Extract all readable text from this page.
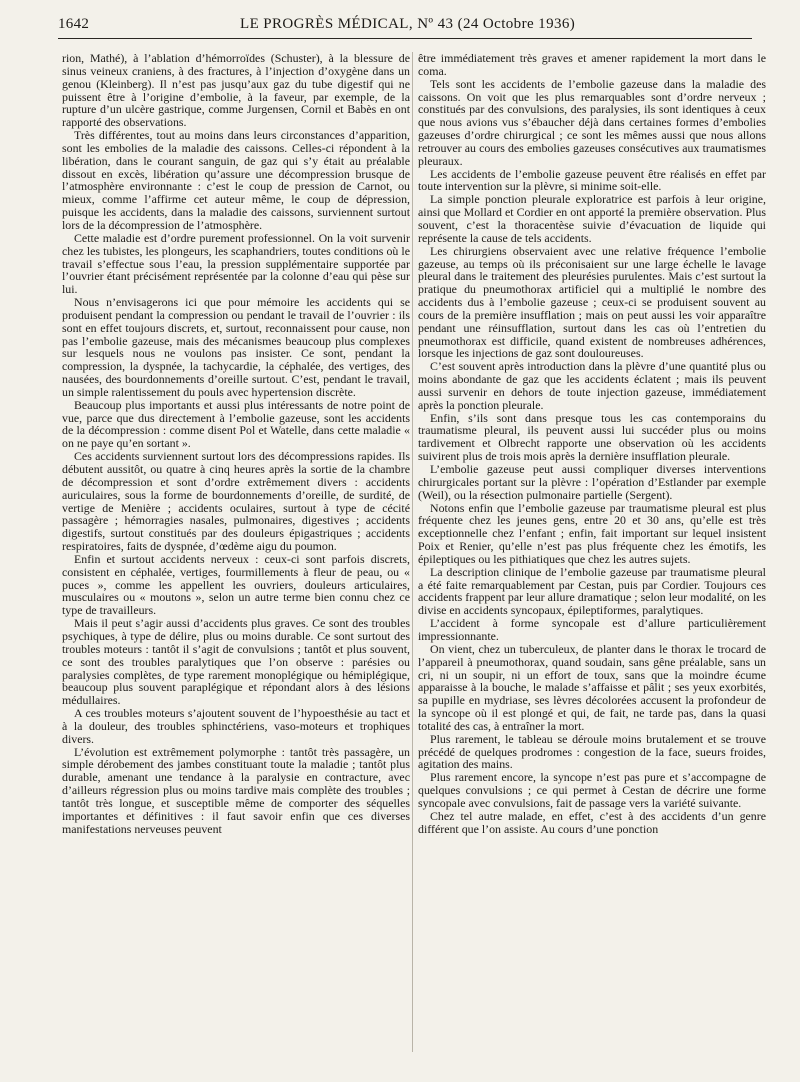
1642	LE PROGRÈS MÉDICAL, Nº 43 (24 Octobre 1936)

rion, Mathé), à l’ablation d’hémorroïdes (Schuster), à la blessure de sinus veineux craniens, à des fractures, à l’injection d’oxygène dans un genou (Kleinberg). Il n’est pas jusqu’aux gaz du tube digestif qui ne puissent être à l’origine d’embolie, à la faveur, par exemple, de la rupture d’un ulcère gastrique, comme Jurgensen, Cornil et Babès en ont rapporté des observations.

Très différentes, tout au moins dans leurs circonstances d’apparition, sont les embolies de la maladie des caissons. Celles-ci répondent à la libération, dans le courant sanguin, de gaz qui s’y était au préalable dissout en excès, libération qu’assure une décompression brusque de l’atmosphère environnante : c’est le coup de pression de Carnot, ou mieux, comme l’affirme cet auteur même, le coup de dépression, puisque les accidents, dans la maladie des caissons, surviennent surtout lors de la décompression de l’atmosphère.

Cette maladie est d’ordre purement professionnel. On la voit survenir chez les tubistes, les plongeurs, les scaphandriers, toutes conditions où le travail s’effectue sous l’eau, la pression supplémentaire supportée par l’ouvrier étant précisément représentée par la colonne d’eau qui pèse sur lui.

Nous n’envisagerons ici que pour mémoire les accidents qui se produisent pendant la compression ou pendant le travail de l’ouvrier : ils sont en effet toujours discrets, et, surtout, reconnaissent pour cause, non pas l’embolie gazeuse, mais des mécanismes beaucoup plus complexes sur lesquels nous ne voulons pas insister. Ce sont, pendant la compression, la dyspnée, la tachycardie, la céphalée, des vertiges, des nausées, des bourdonnements d’oreille surtout. C’est, pendant le travail, un simple ralentissement du pouls avec hypertension discrète.

Beaucoup plus importants et aussi plus intéressants de notre point de vue, parce que dus directement à l’embolie gazeuse, sont les accidents de la décompression : comme disent Pol et Watelle, dans cette maladie « on ne paye qu’en sortant ».

Ces accidents surviennent surtout lors des décompressions rapides. Ils débutent aussitôt, ou quatre à cinq heures après la sortie de la chambre de décompression et sont d’ordre extrêmement divers : accidents auriculaires, sous la forme de bourdonnements d’oreille, de surdité, de vertige de Menière ; accidents oculaires, surtout à type de cécité passagère ; hémorragies nasales, pulmonaires, digestives ; accidents digestifs, surtout constitués par des douleurs épigastriques ; accidents respiratoires, faits de dyspnée, d’œdème aigu du poumon.

Enfin et surtout accidents nerveux : ceux-ci sont parfois discrets, consistent en céphalée, vertiges, fourmillements à fleur de peau, ou « puces », comme les appellent les ouvriers, douleurs articulaires, musculaires ou « moutons », selon un autre terme bien connu chez ce type de travailleurs.

Mais il peut s’agir aussi d’accidents plus graves. Ce sont des troubles psychiques, à type de délire, plus ou moins durable. Ce sont surtout des troubles moteurs : tantôt il s’agit de convulsions ; tantôt et plus souvent, ce sont des troubles paralytiques que l’on observe : parésies ou paralysies complètes, de type rarement monoplégique ou hémiplégique, beaucoup plus souvent paraplégique et répondant alors à des lésions médullaires.

A ces troubles moteurs s’ajoutent souvent de l’hypoesthésie au tact et à la douleur, des troubles sphinctériens, vaso-moteurs et trophiques divers.

L’évolution est extrêmement polymorphe : tantôt très passagère, un simple dérobement des jambes constituant toute la maladie ; tantôt plus durable, amenant une tendance à la paralysie en contracture, avec d’ailleurs régression plus ou moins tardive mais complète des troubles ; tantôt très longue, et susceptible même de comporter des séquelles importantes et définitives : il faut savoir enfin que ces diverses manifestations nerveuses peuvent

être immédiatement très graves et amener rapidement la mort dans le coma.

Tels sont les accidents de l’embolie gazeuse dans la maladie des caissons. On voit que les plus remarquables sont d’ordre nerveux ; constitués par des convulsions, des paralysies, ils sont identiques à ceux que nous avions vus s’ébaucher déjà dans certaines formes d’embolies gazeuses d’ordre chirurgical ; ce sont les mêmes aussi que nous allons retrouver au cours des embolies gazeuses consécutives aux traumatismes pleuraux.

Les accidents de l’embolie gazeuse peuvent être réalisés en effet par toute intervention sur la plèvre, si minime soit-elle.

La simple ponction pleurale exploratrice est parfois à leur origine, ainsi que Mollard et Cordier en ont apporté la première observation. Plus souvent, c’est la thoracentèse suivie d’évacuation de liquide qui représente la cause de tels accidents.

Les chirurgiens observaient avec une relative fréquence l’embolie gazeuse, au temps où ils préconisaient sur une large échelle le lavage pleural dans le traitement des pleurésies purulentes. Mais c’est surtout la pratique du pneumothorax artificiel qui a multiplié le nombre des accidents dus à l’embolie gazeuse ; ceux-ci se produisent souvent au cours de la première insufflation ; mais on peut aussi les voir apparaître pendant une réinsufflation, surtout dans les cas où l’entretien du pneumothorax est difficile, quand existent de nombreuses adhérences, lorsque les injections de gaz sont douloureuses.

C’est souvent après introduction dans la plèvre d’une quantité plus ou moins abondante de gaz que les accidents éclatent ; mais ils peuvent aussi survenir en dehors de toute injection gazeuse, immédiatement après la ponction pleurale.

Enfin, s’ils sont dans presque tous les cas contemporains du traumatisme pleural, ils peuvent aussi lui succéder plus ou moins tardivement et Olbrecht rapporte une observation où les accidents suivirent plus de trois mois après la dernière insufflation pleurale.

L’embolie gazeuse peut aussi compliquer diverses interventions chirurgicales portant sur la plèvre : l’opération d’Estlander par exemple (Weil), ou la résection pulmonaire partielle (Sergent).

Notons enfin que l’embolie gazeuse par traumatisme pleural est plus fréquente chez les jeunes gens, entre 20 et 30 ans, qu’elle est très exceptionnelle chez l’enfant ; enfin, fait important sur lequel insistent Poix et Renier, qu’elle n’est pas plus fréquente chez les émotifs, les épileptiques ou les pithiatiques que chez les autres sujets.

La description clinique de l’embolie gazeuse par traumatisme pleural a été faite remarquablement par Cestan, puis par Cordier. Toujours ces accidents frappent par leur allure dramatique ; selon leur modalité, on les divise en accidents syncopaux, épileptiformes, paralytiques.

L’accident à forme syncopale est d’allure particulièrement impressionnante.

On vient, chez un tuberculeux, de planter dans le thorax le trocard de l’appareil à pneumothorax, quand soudain, sans gêne préalable, sans un cri, ni un soupir, ni un effort de toux, sans que la moindre écume apparaisse à la bouche, le malade s’affaisse et pâlit ; ses yeux exorbités, sa pupille en mydriase, ses lèvres décolorées accusent la profondeur de la syncope où il est plongé et qui, de fait, ne tarde pas, dans la quasi totalité des cas, à entraîner la mort.

Plus rarement, le tableau se déroule moins brutalement et se trouve précédé de quelques prodromes : congestion de la face, sueurs froides, agitation des mains.

Plus rarement encore, la syncope n’est pas pure et s’accompagne de quelques convulsions ; ce qui permet à Cestan de décrire une forme syncopale avec convulsions, fait de passage vers la variété suivante.

Chez tel autre malade, en effet, c’est à des accidents d’un genre différent que l’on assiste. Au cours d’une ponction
